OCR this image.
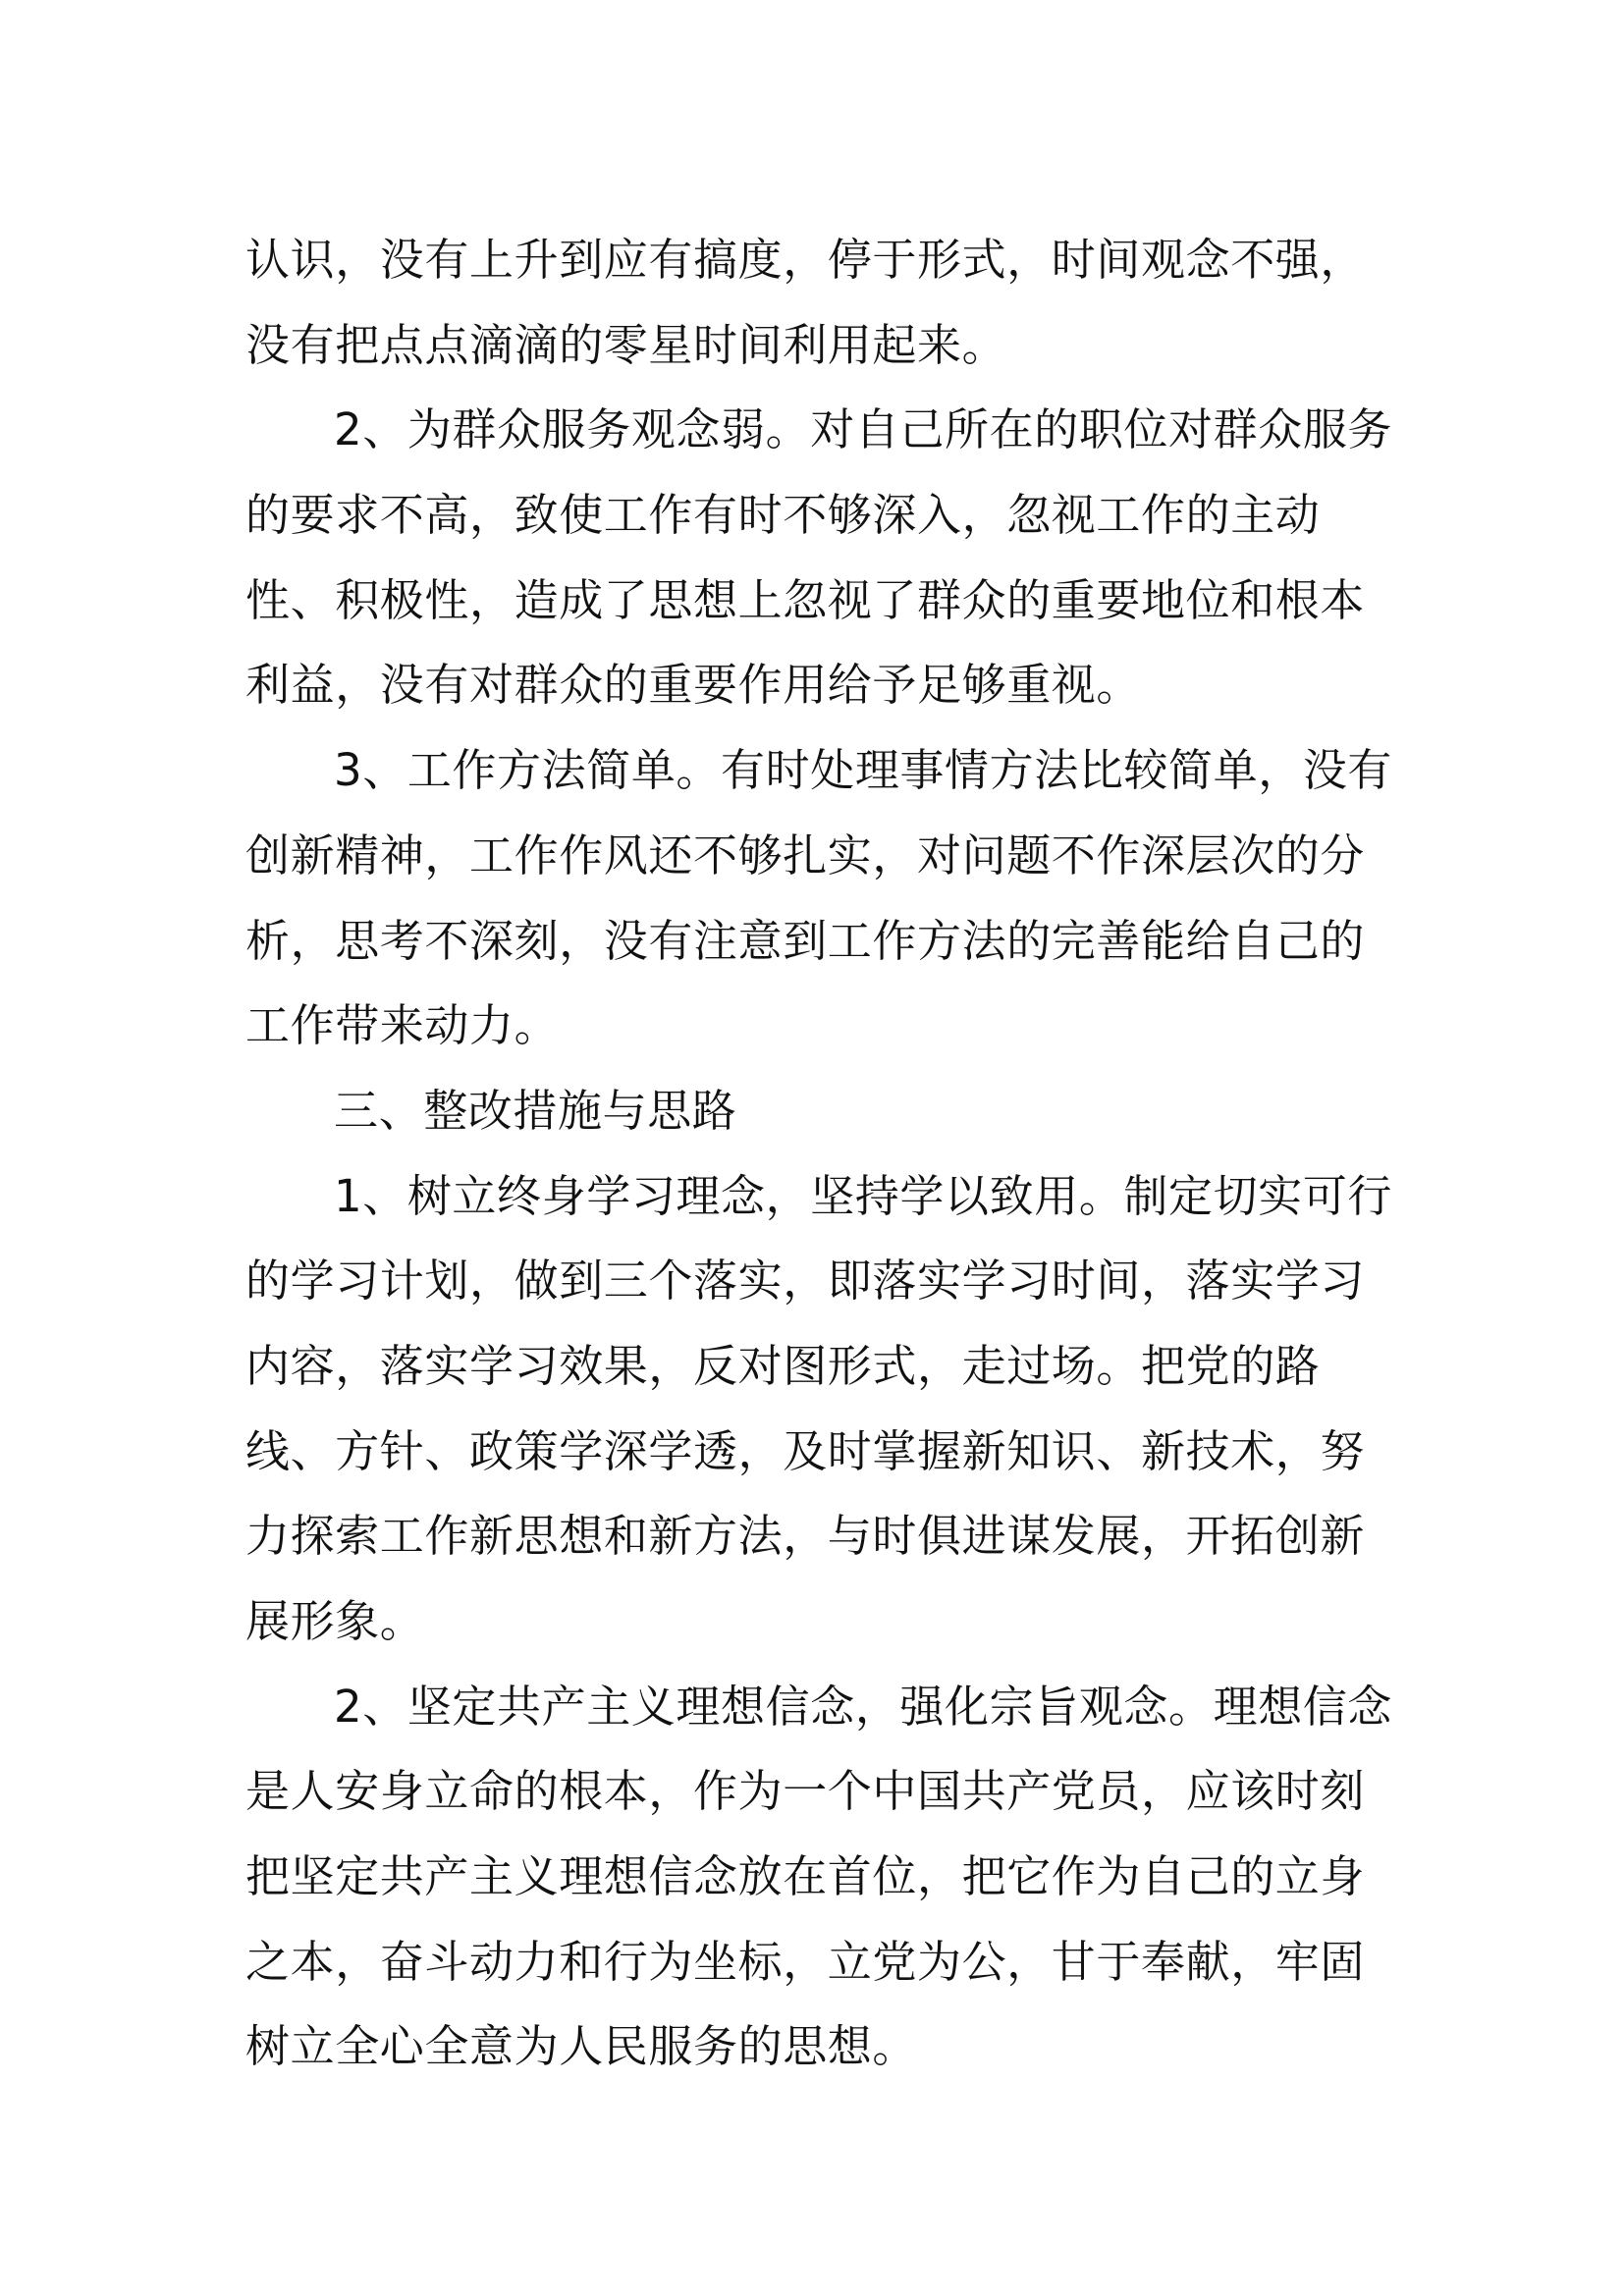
认识，没有上升到应有搞度，停于形式，时间观念不强，
没有把点点滴滴的零星时间利用起来。
2、为群众服务观念弱。对自己所在的职位对群众服务
的要求不高，致使工作有时不够深入，忽视工作的主动
性、积极性，造成了思想上忽视了群众的重要地位和根本
利益，没有对群众的重要作用给予足够重视。
3、工作方法简单。有时处理事情方法比较简单，没有
创新精神，工作作风还不够扎实，对问题不作深层次的分
析，思考不深刻，没有注意到工作方法的完善能给自己的
工作带来动力。
三、整改措施与思路
1、树立终身学习理念，坚持学以致用。制定切实可行
的学习计划，做到三个落实，即落实学习时间，落实学习
内容，落实学习效果，反对图形式，走过场。把党的路
线、方针、政策学深学透，及时掌握新知识、新技术，努
力探索工作新思想和新方法，与时俱进谋发展，开拓创新
展形象。
2、坚定共产主义理想信念，强化宗旨观念。理想信念
是人安身立命的根本，作为一个中国共产党员，应该时刻
把坚定共产主义理想信念放在首位，把它作为自己的立身
之本，奋斗动力和行为坐标，立党为公，甘于奉献，牢固
树立全心全意为人民服务的思想。
